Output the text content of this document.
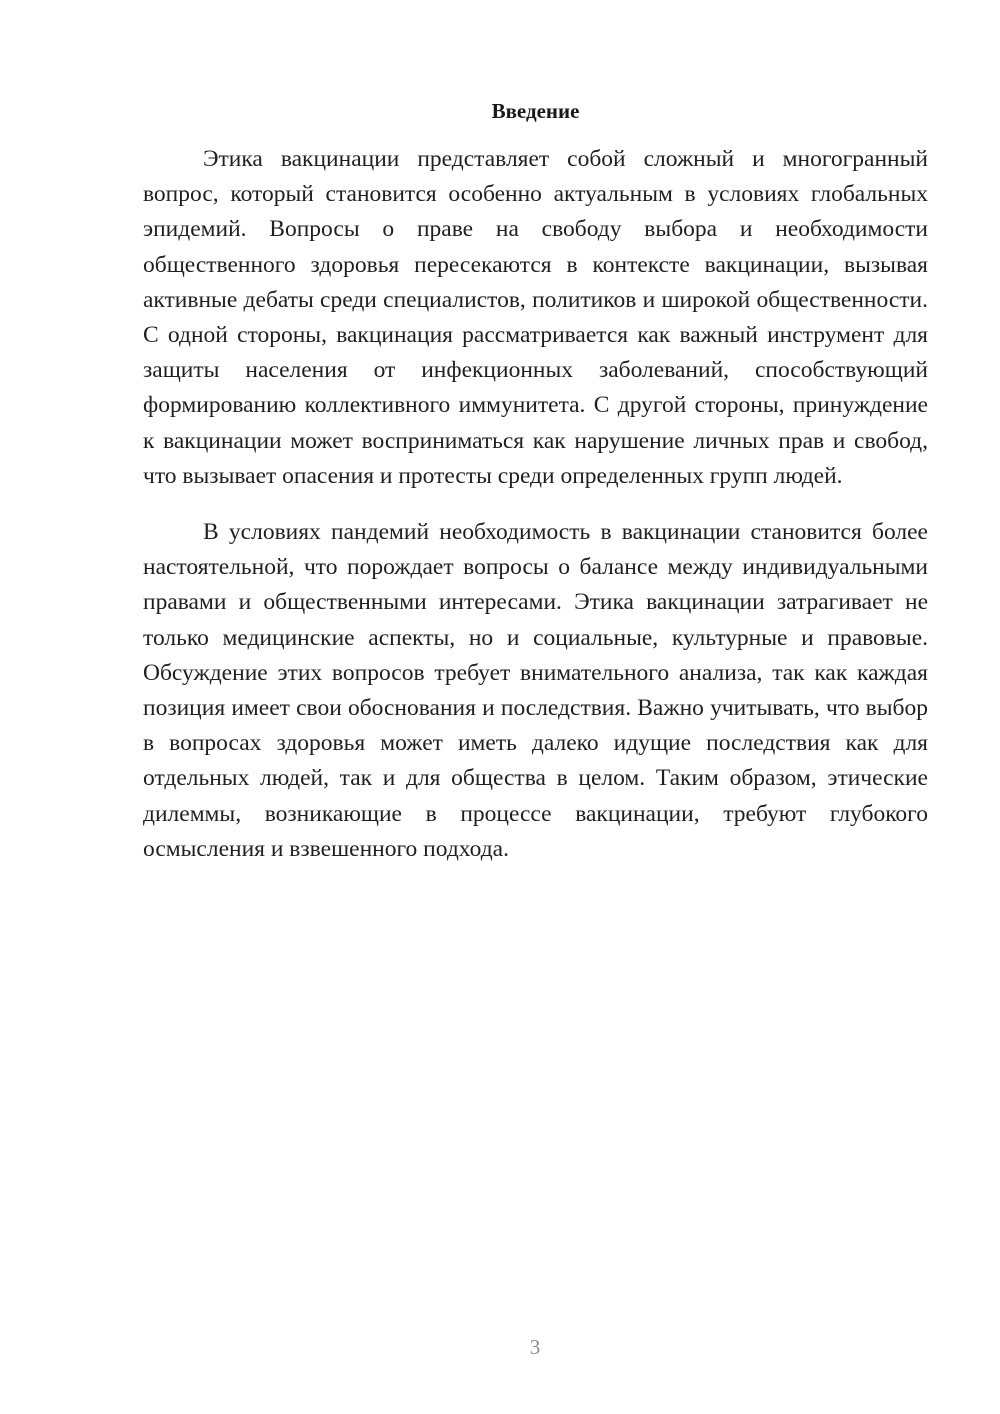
Введение

Этика вакцинации представляет собой сложный и многогранный вопрос, который становится особенно актуальным в условиях глобальных эпидемий. Вопросы о праве на свободу выбора и необходимости общественного здоровья пересекаются в контексте вакцинации, вызывая активные дебаты среди специалистов, политиков и широкой общественности. С одной стороны, вакцинация рассматривается как важный инструмент для защиты населения от инфекционных заболеваний, способствующий формированию коллективного иммунитета. С другой стороны, принуждение к вакцинации может восприниматься как нарушение личных прав и свобод, что вызывает опасения и протесты среди определенных групп людей.

В условиях пандемий необходимость в вакцинации становится более настоятельной, что порождает вопросы о балансе между индивидуальными правами и общественными интересами. Этика вакцинации затрагивает не только медицинские аспекты, но и социальные, культурные и правовые. Обсуждение этих вопросов требует внимательного анализа, так как каждая позиция имеет свои обоснования и последствия. Важно учитывать, что выбор в вопросах здоровья может иметь далеко идущие последствия как для отдельных людей, так и для общества в целом. Таким образом, этические дилеммы, возникающие в процессе вакцинации, требуют глубокого осмысления и взвешенного подхода.

3
